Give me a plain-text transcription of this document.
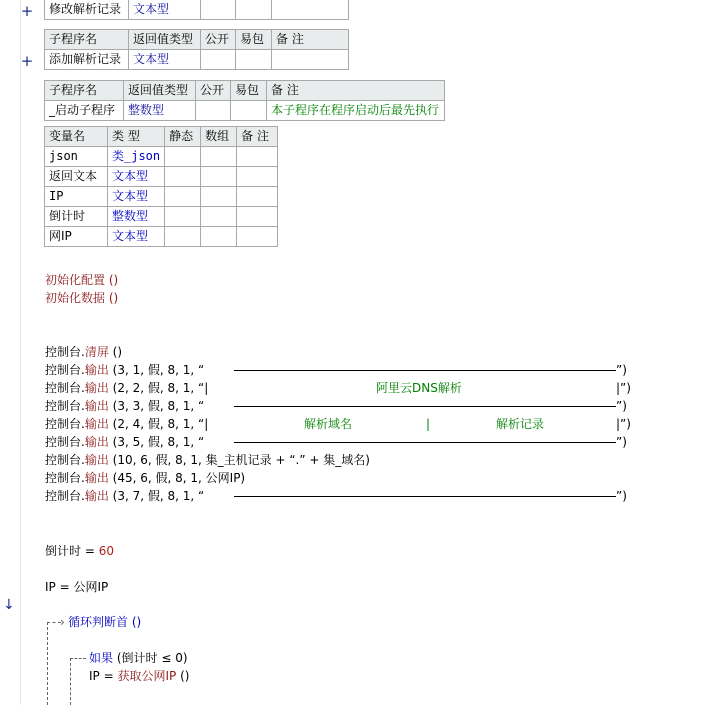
+
+
↓
修改解析记录	文本型			
子程序名	返回值类型	公开	易包	备 注
添加解析记录	文本型			
子程序名	返回值类型	公开	易包	备 注
_启动子程序	整数型			本子程序在程序启动后最先执行
变量名	类 型	静态	数组	备 注
json	类_json			
返回文本	文本型			
IP	文本型			
倒计时	整数型			
网IP	文本型			
初始化配置 ()
初始化数据 ()
控制台.清屏 ()
控制台.输出 (3, 1, 假, 8, 1, “	”)
控制台.输出 (2, 2, 假, 8, 1, “|	阿里云DNS解析	|”)
控制台.输出 (3, 3, 假, 8, 1, “	”)
控制台.输出 (2, 4, 假, 8, 1, “|	解析域名	|	解析记录	|”)
控制台.输出 (3, 5, 假, 8, 1, “	”)
控制台.输出 (10, 6, 假, 8, 1, 集_主机记录 + “.” + 集_域名)
控制台.输出 (45, 6, 假, 8, 1, 公网IP)
控制台.输出 (3, 7, 假, 8, 1, “	”)
倒计时 = 60
IP = 公网IP
› 循环判断首 ()
如果 (倒计时 ≤ 0)
IP = 获取公网IP ()
